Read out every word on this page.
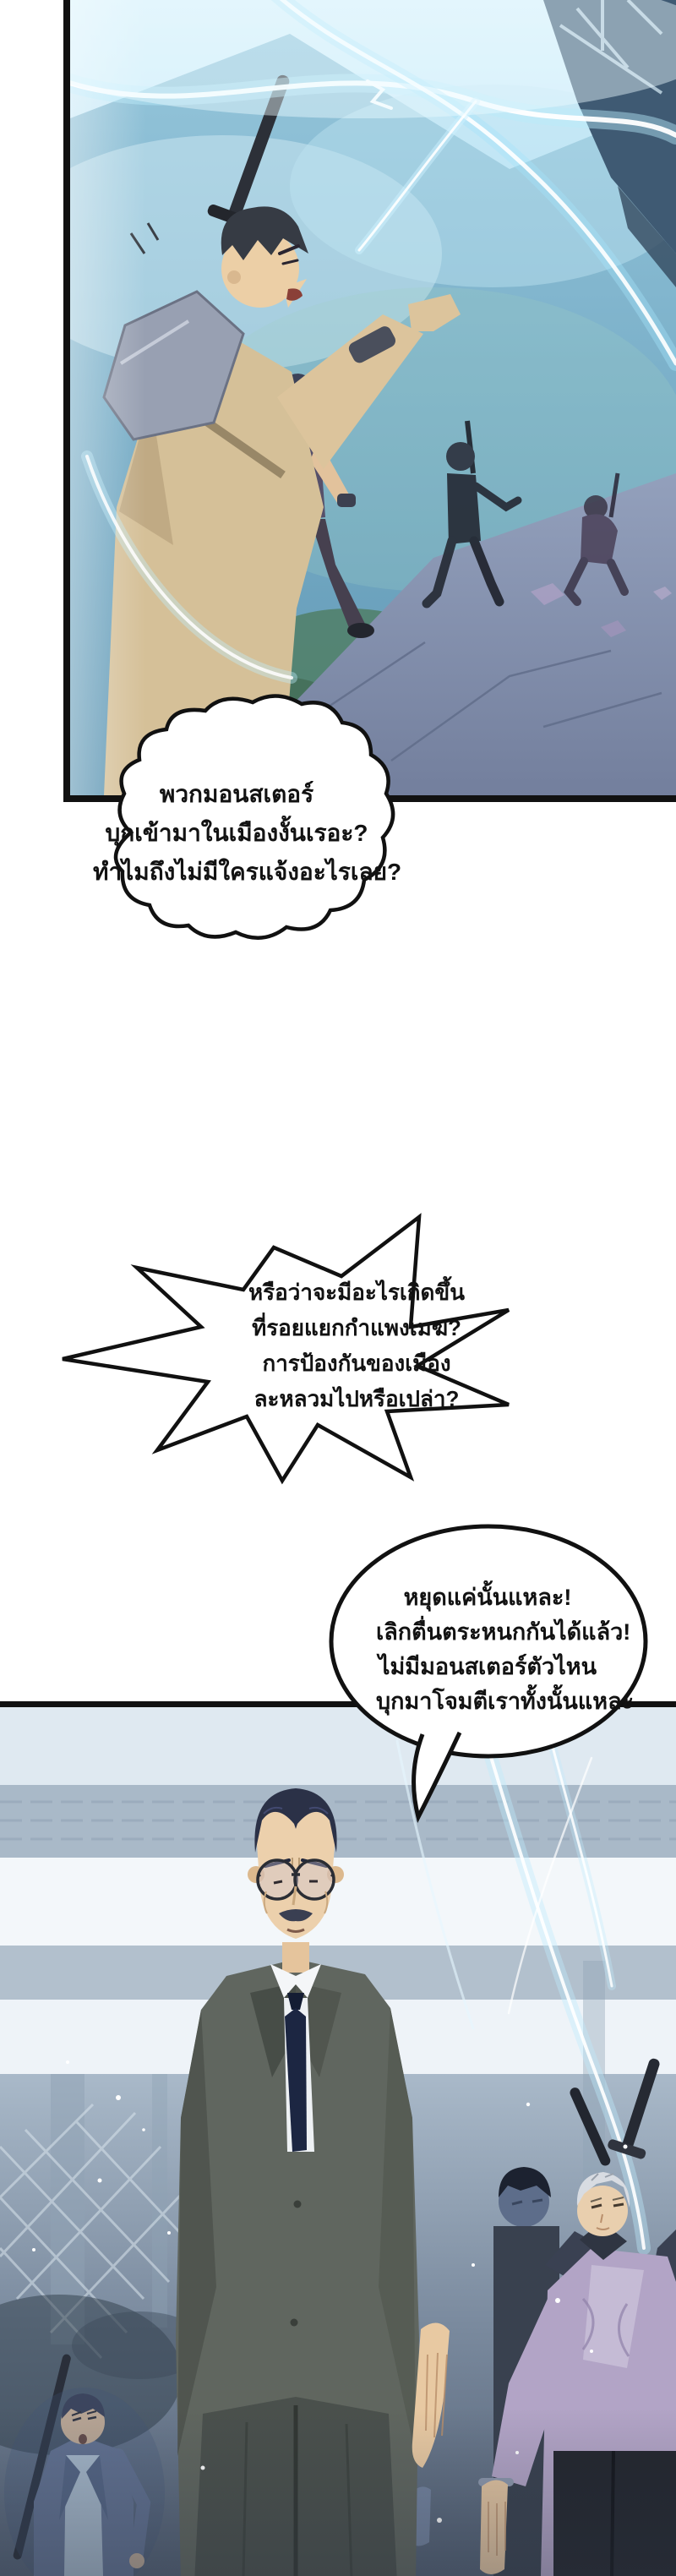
พวกมอนสเตอร์
บุกเข้ามาในเมืองงั้นเรอะ?
ทำไมถึงไม่มีใครแจ้งอะไรเลย?
หรือว่าจะมีอะไรเกิดขึ้น
ที่รอยแยกกำแพงเมฆ?
การป้องกันของเมือง
ละหลวมไปหรือเปล่า?
หยุดแค่นั้นแหละ!
เลิกตื่นตระหนกกันได้แล้ว!
ไม่มีมอนสเตอร์ตัวไหน
บุกมาโจมตีเราทั้งนั้นแหละ
